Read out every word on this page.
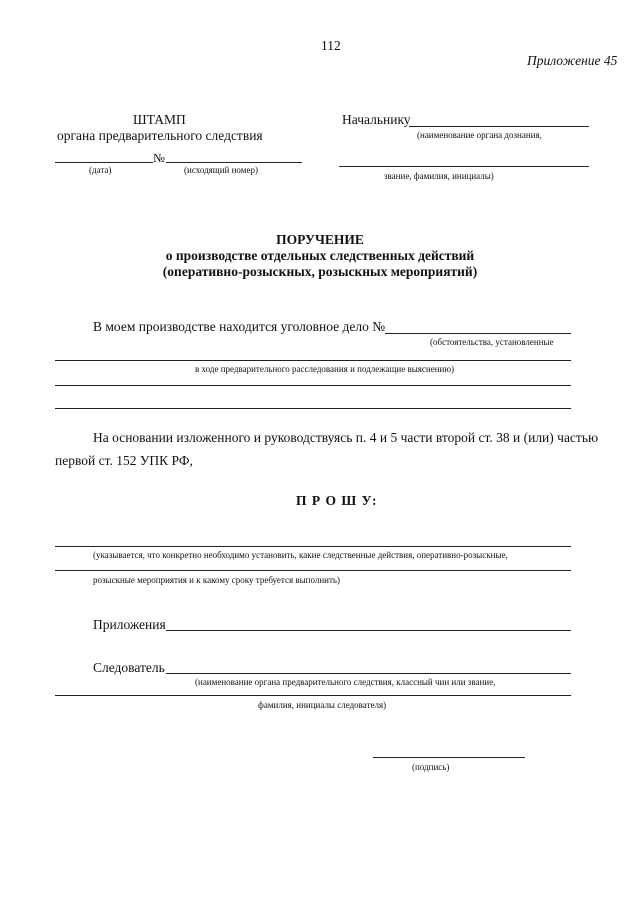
112
Приложение 45
ШТАМП
органа предварительного следствия
№
(дата)	(исходящий номер)
Начальнику
(наименование органа дознания,
звание, фамилия, инициалы)
ПОРУЧЕНИЕ
о производстве отдельных следственных действий
(оперативно-розыскных, розыскных мероприятий)
В моем производстве находится уголовное дело №
(обстоятельства, установленные
в ходе предварительного расследования и подлежащие выяснению)
На основании изложенного и руководствуясь п. 4 и 5 части второй ст. 38 и (или) частью
первой ст. 152 УПК РФ,
П Р О Ш У:
(указывается, что конкретно необходимо установить, какие следственные действия, оперативно-розыскные,
розыскные мероприятия и к какому сроку требуется выполнить)
Приложения
Следователь
(наименование органа предварительного следствия, классный чин или звание,
фамилия, инициалы следователя)
(подпись)
